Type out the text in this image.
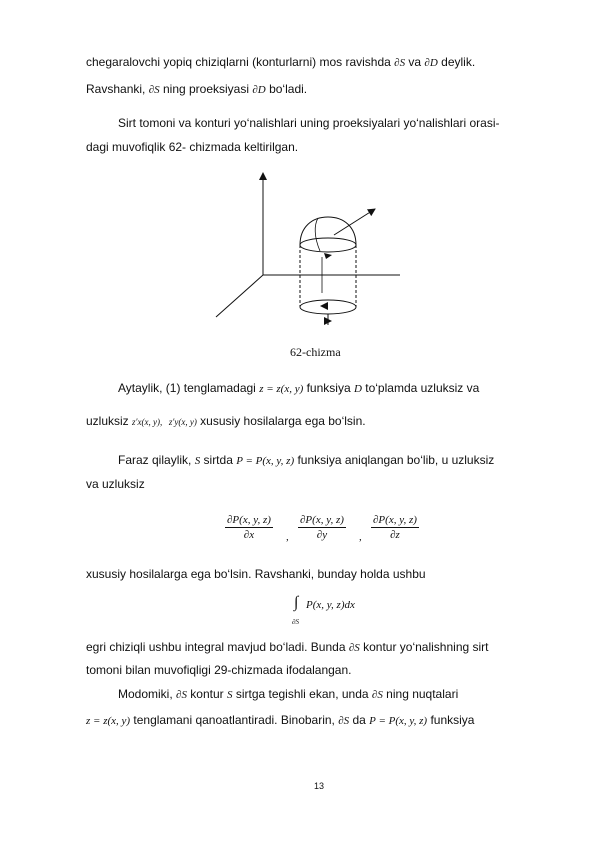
chegaralovchi yopiq chiziqlarni (konturlarni) mos ravishda ∂S va ∂D deylik.
Ravshanki, ∂S ning proeksiyasi ∂D bo‘ladi.
Sirt tomoni va konturi yo‘nalishlari uning proeksiyalari yo‘nalishlari orasi-
dagi muvofiqlik 62- chizmada keltirilgan.
62-chizma
Aytaylik, (1) tenglamadagi z = z(x, y) funksiya D to‘plamda uzluksiz va
uzluksiz z′x(x, y), z′y(x, y) xususiy hosilalarga ega bo‘lsin.
Faraz qilaylik, S sirtda P = P(x, y, z) funksiya aniqlangan bo‘lib, u uzluksiz
va uzluksiz
$\frac{\partial P(x, y, z)}{\partial x}$ , $\frac{\partial P(x, y, z)}{\partial y}$ , $\frac{\partial P(x, y, z)}{\partial z}$
xususiy hosilalarga ega bo‘lsin. Ravshanki, bunday holda ushbu
∫
∂S
P(x, y, z)dx
egri chiziqli ushbu integral mavjud bo‘ladi. Bunda ∂S kontur yo‘nalishning sirt
tomoni bilan muvofiqligi 29-chizmada ifodalangan.
Modomiki, ∂S kontur S sirtga tegishli ekan, unda ∂S ning nuqtalari
z = z(x, y) tenglamani qanoatlantiradi. Binobarin, ∂S da P = P(x, y, z) funksiya
13
